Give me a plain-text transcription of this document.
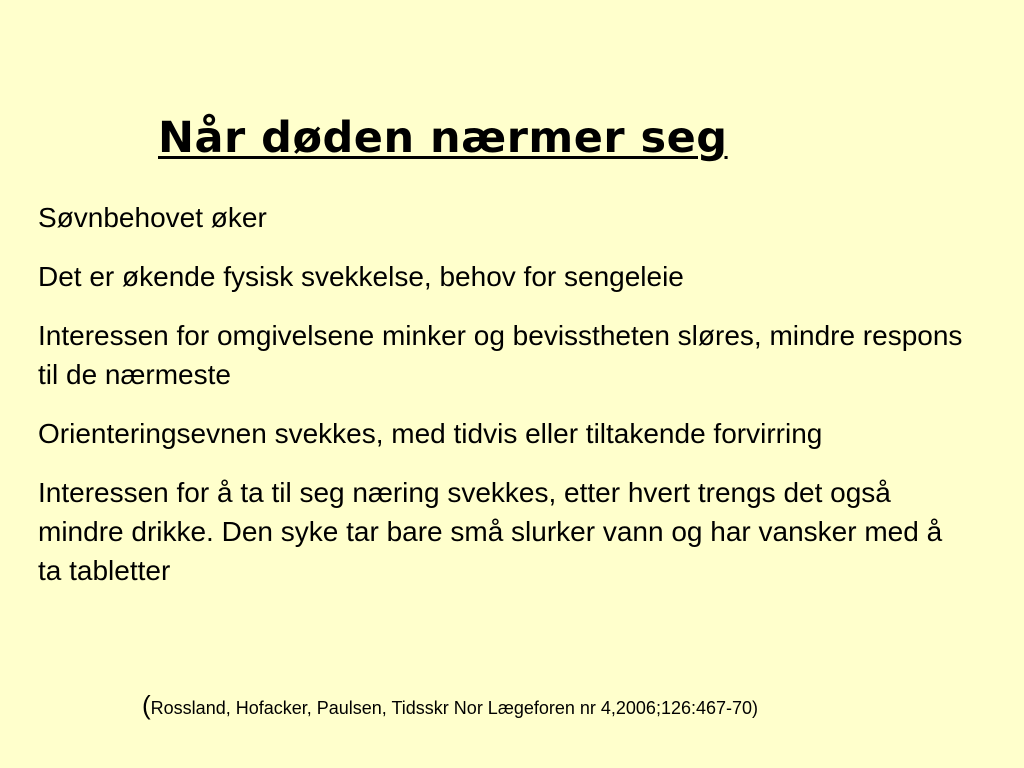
Når døden nærmer seg
Søvnbehovet øker
Det er økende fysisk svekkelse, behov for sengeleie
Interessen for omgivelsene minker og bevisstheten sløres, mindre respons til de nærmeste
Orienteringsevnen svekkes, med tidvis eller tiltakende forvirring
Interessen for å ta til seg næring svekkes, etter hvert trengs det også mindre drikke. Den syke tar bare små slurker vann og har vansker med å ta tabletter

(Rossland, Hofacker, Paulsen, Tidsskr Nor Lægeforen nr 4,2006;126:467-70)
